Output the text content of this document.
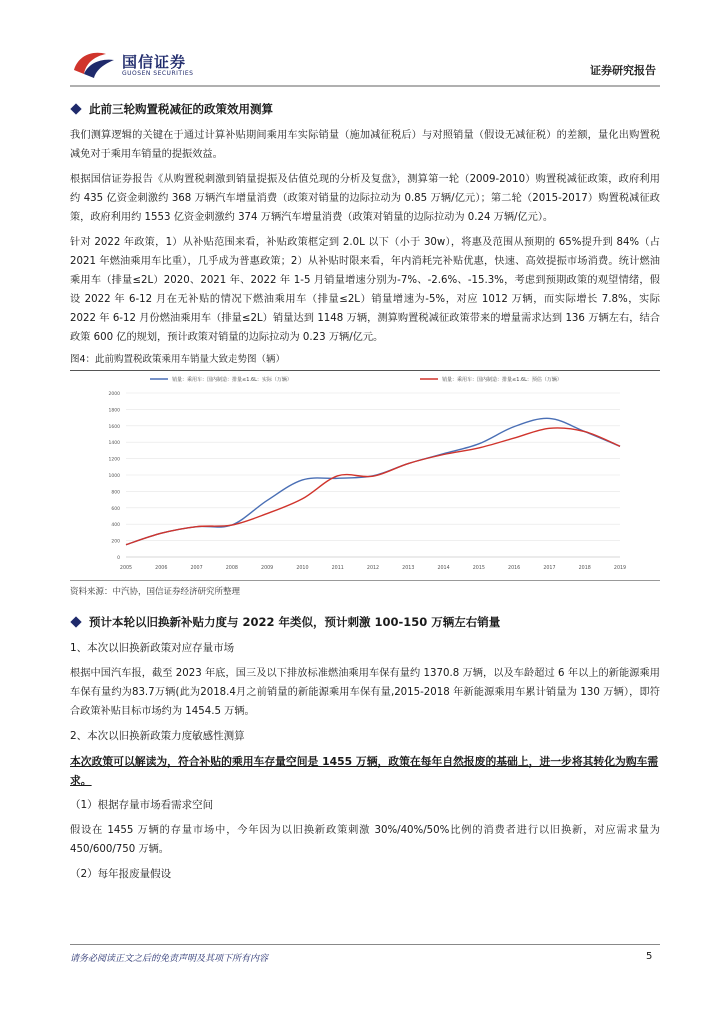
国信证券
GUOSEN SECURITIES	证券研究报告
此前三轮购置税减征的政策效用测算

我们测算逻辑的关键在于通过计算补贴期间乘用车实际销量（施加减征税后）与对照销量（假设无减征税）的差额，量化出购置税减免对于乘用车销量的提振效益。

根据国信证券报告《从购置税刺激到销量提振及估值兑现的分析及复盘》，测算第一轮（2009-2010）购置税减征政策，政府利用约 435 亿资金刺激约 368 万辆汽车增量消费（政策对销量的边际拉动为 0.85 万辆/亿元）；第二轮（2015-2017）购置税减征政策，政府利用约 1553 亿资金刺激约 374 万辆汽车增量消费（政策对销量的边际拉动为 0.24 万辆/亿元）。

针对 2022 年政策，1）从补贴范围来看，补贴政策框定到 2.0L 以下（小于 30w），将惠及范围从预期的 65%提升到 84%（占 2021 年燃油乘用车比重），几乎成为普惠政策；2）从补贴时限来看，年内消耗完补贴优惠，快速、高效提振市场消费。统计燃油乘用车（排量≤2L）2020、2021 年、2022 年 1-5 月销量增速分别为-7%、-2.6%、-15.3%，考虑到预期政策的观望情绪，假设 2022 年 6-12 月在无补贴的情况下燃油乘用车（排量≤2L）销量增速为-5%，对应 1012 万辆，而实际增长 7.8%，实际 2022 年 6-12 月份燃油乘用车（排量≤2L）销量达到 1148 万辆，测算购置税减征政策带来的增量需求达到 136 万辆左右，结合政策 600 亿的规划，预计政策对销量的边际拉动为 0.23 万辆/亿元。

图4：此前购置税政策乘用车销量大致走势图（辆）
0
200
400
600
800
1000
1200
1400
1600
1800
2000
2005	2006	2007	2008	2009	2010	2011	2012	2013	2014	2015	2016	2017	2018	2019
销量：乘用车：国内制造：排量≤1.6L：实际（万辆）	销量：乘用车：国内制造：排量≤1.6L：预估（万辆）
资料来源：中汽协，国信证券经济研究所整理
预计本轮以旧换新补贴力度与 2022 年类似，预计刺激 100-150 万辆左右销量
1、本次以旧换新政策对应存量市场

根据中国汽车报，截至 2023 年底，国三及以下排放标准燃油乘用车保有量约 1370.8 万辆，以及车龄超过 6 年以上的新能源乘用车保有量约为83.7万辆(此为2018.4月之前销量的新能源乘用车保有量,2015-2018 年新能源乘用车累计销量为 130 万辆），即符合政策补贴目标市场约为 1454.5 万辆。

2、本次以旧换新政策力度敏感性测算

本次政策可以解读为，符合补贴的乘用车存量空间是 1455 万辆，政策在每年自然报废的基础上，进一步将其转化为购车需求。

（1）根据存量市场看需求空间

假设在 1455 万辆的存量市场中，今年因为以旧换新政策刺激 30%/40%/50%比例的消费者进行以旧换新，对应需求量为 450/600/750 万辆。

（2）每年报废量假设
请务必阅读正文之后的免责声明及其项下所有内容	5
